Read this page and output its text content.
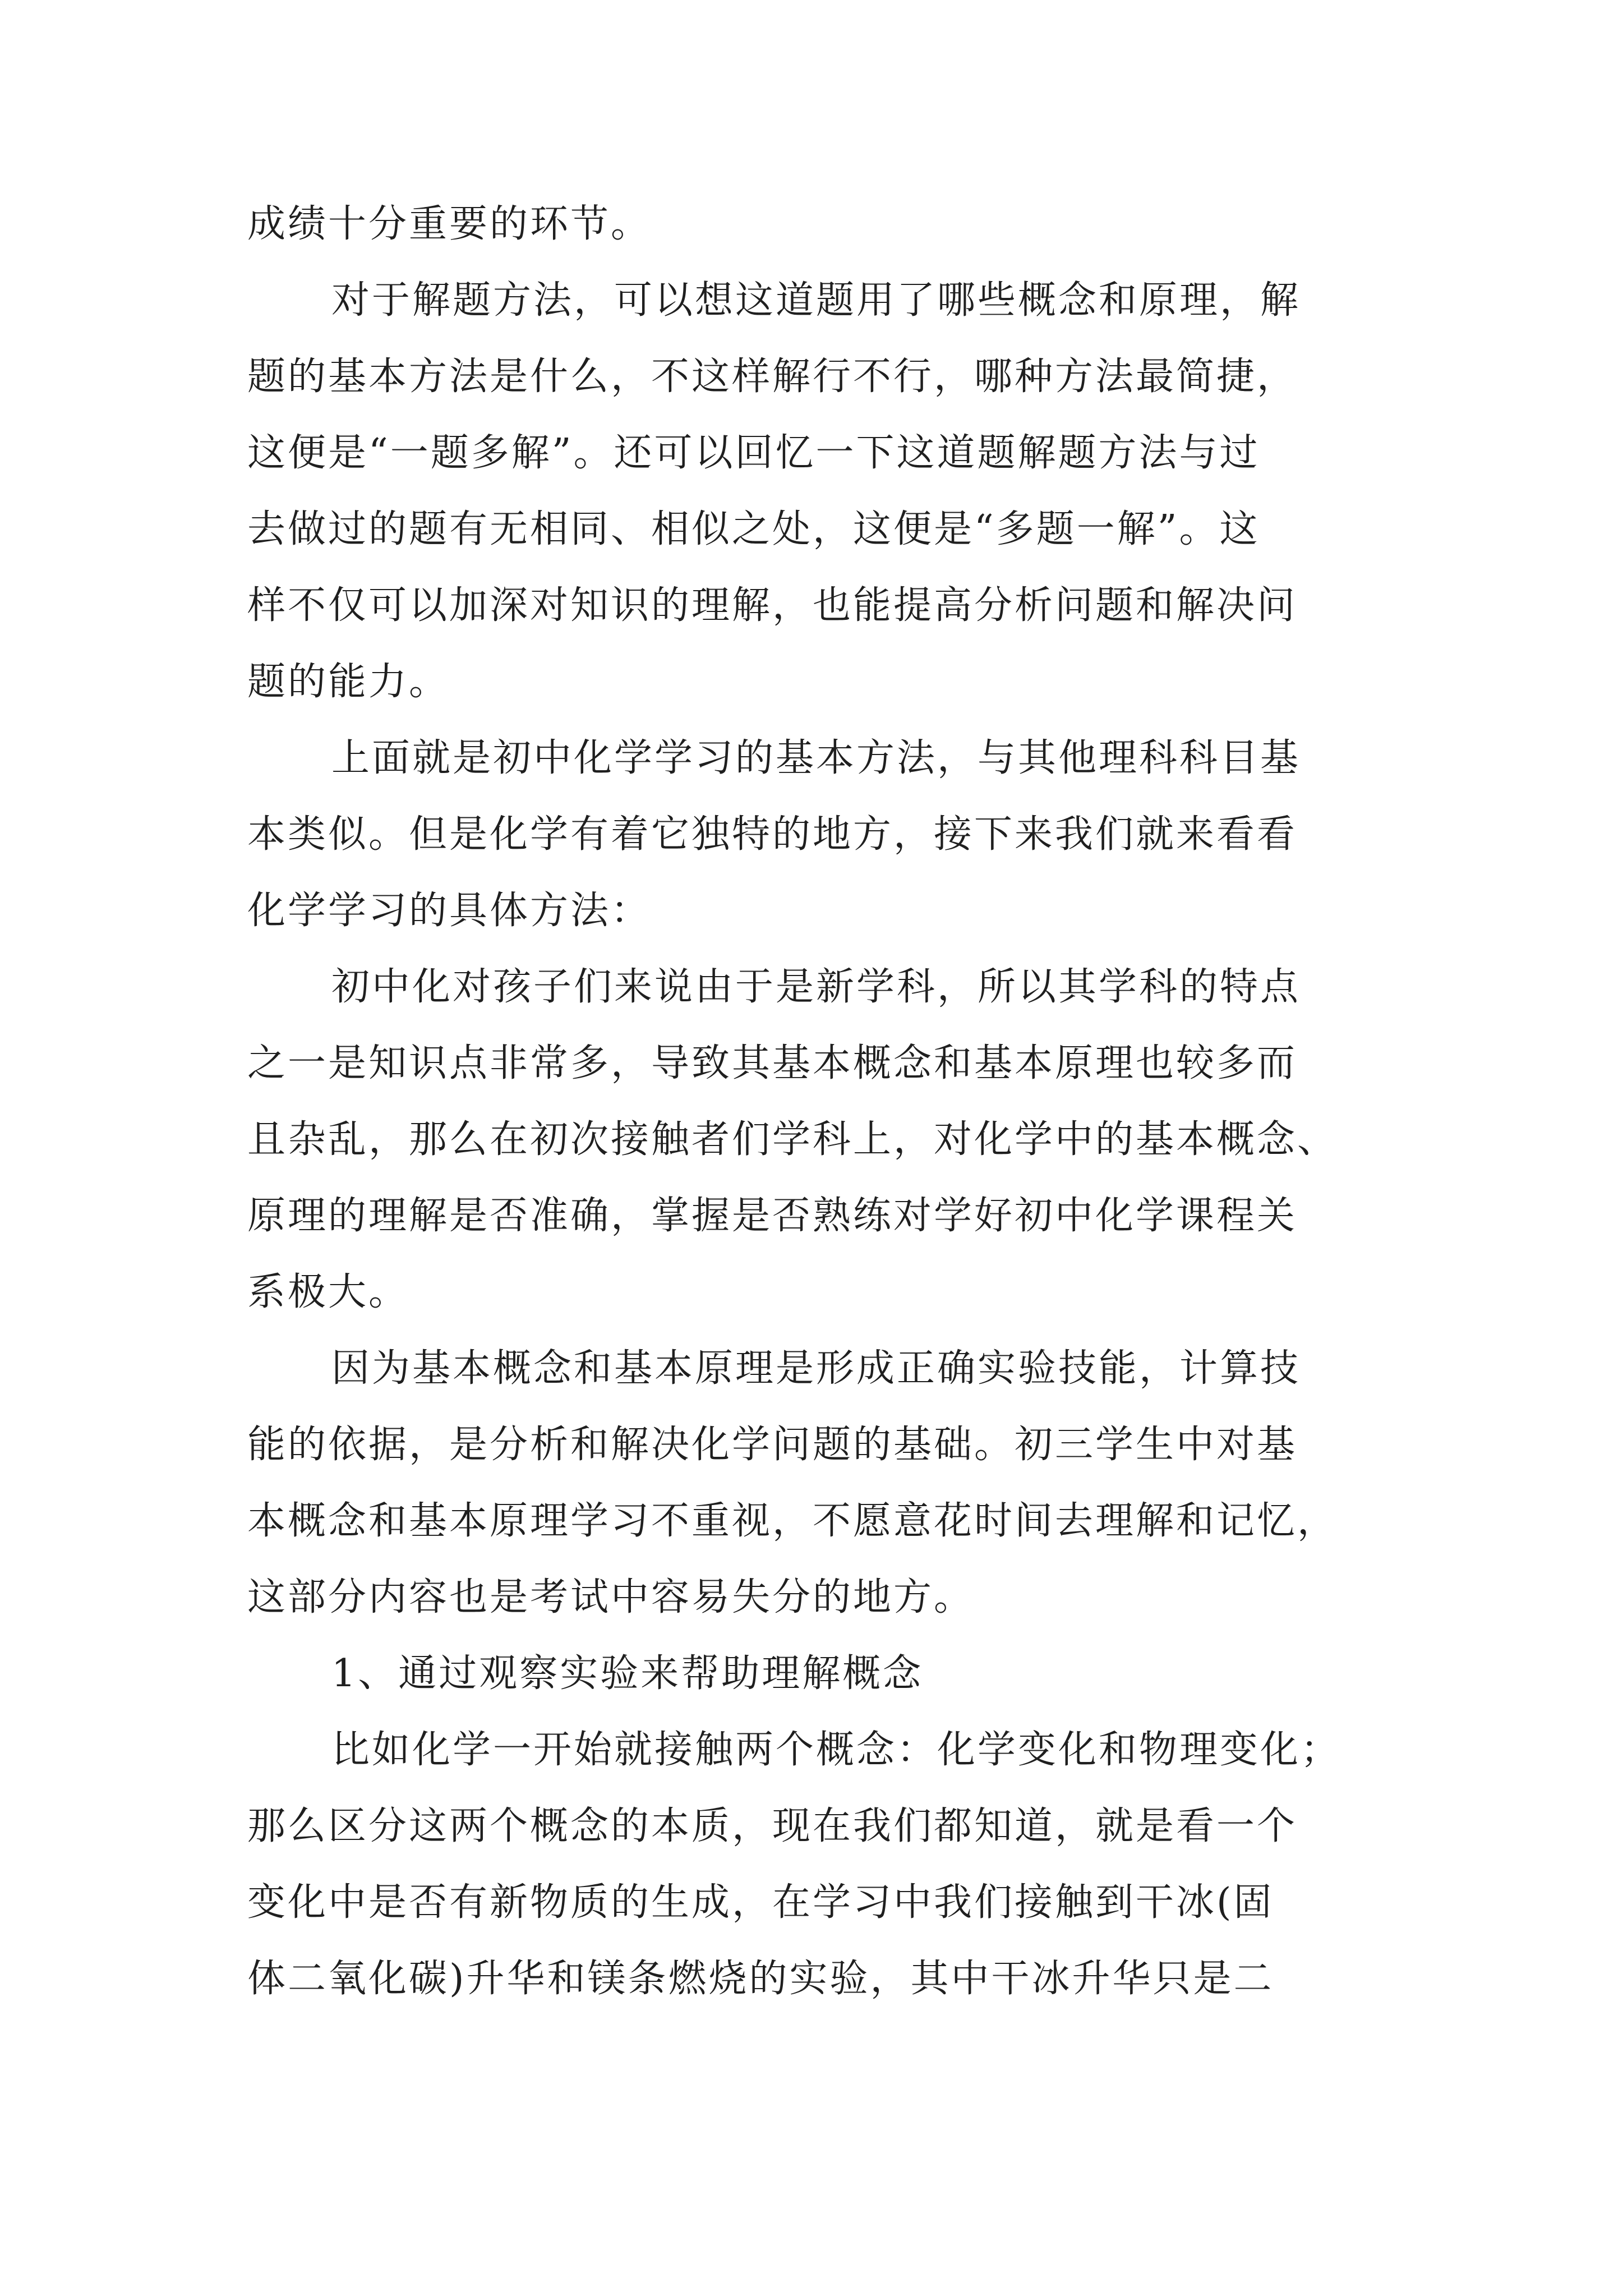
成绩十分重要的环节。
对于解题方法，可以想这道题用了哪些概念和原理，解
题的基本方法是什么，不这样解行不行，哪种方法最简捷，
这便是“一题多解”。还可以回忆一下这道题解题方法与过
去做过的题有无相同、相似之处，这便是“多题一解”。这
样不仅可以加深对知识的理解，也能提高分析问题和解决问
题的能力。
上面就是初中化学学习的基本方法，与其他理科科目基
本类似。但是化学有着它独特的地方，接下来我们就来看看
化学学习的具体方法：
初中化对孩子们来说由于是新学科，所以其学科的特点
之一是知识点非常多，导致其基本概念和基本原理也较多而
且杂乱，那么在初次接触者们学科上，对化学中的基本概念、
原理的理解是否准确，掌握是否熟练对学好初中化学课程关
系极大。
因为基本概念和基本原理是形成正确实验技能，计算技
能的依据，是分析和解决化学问题的基础。初三学生中对基
本概念和基本原理学习不重视，不愿意花时间去理解和记忆，
这部分内容也是考试中容易失分的地方。
1、通过观察实验来帮助理解概念
比如化学一开始就接触两个概念：化学变化和物理变化；
那么区分这两个概念的本质，现在我们都知道，就是看一个
变化中是否有新物质的生成，在学习中我们接触到干冰(固
体二氧化碳)升华和镁条燃烧的实验，其中干冰升华只是二
